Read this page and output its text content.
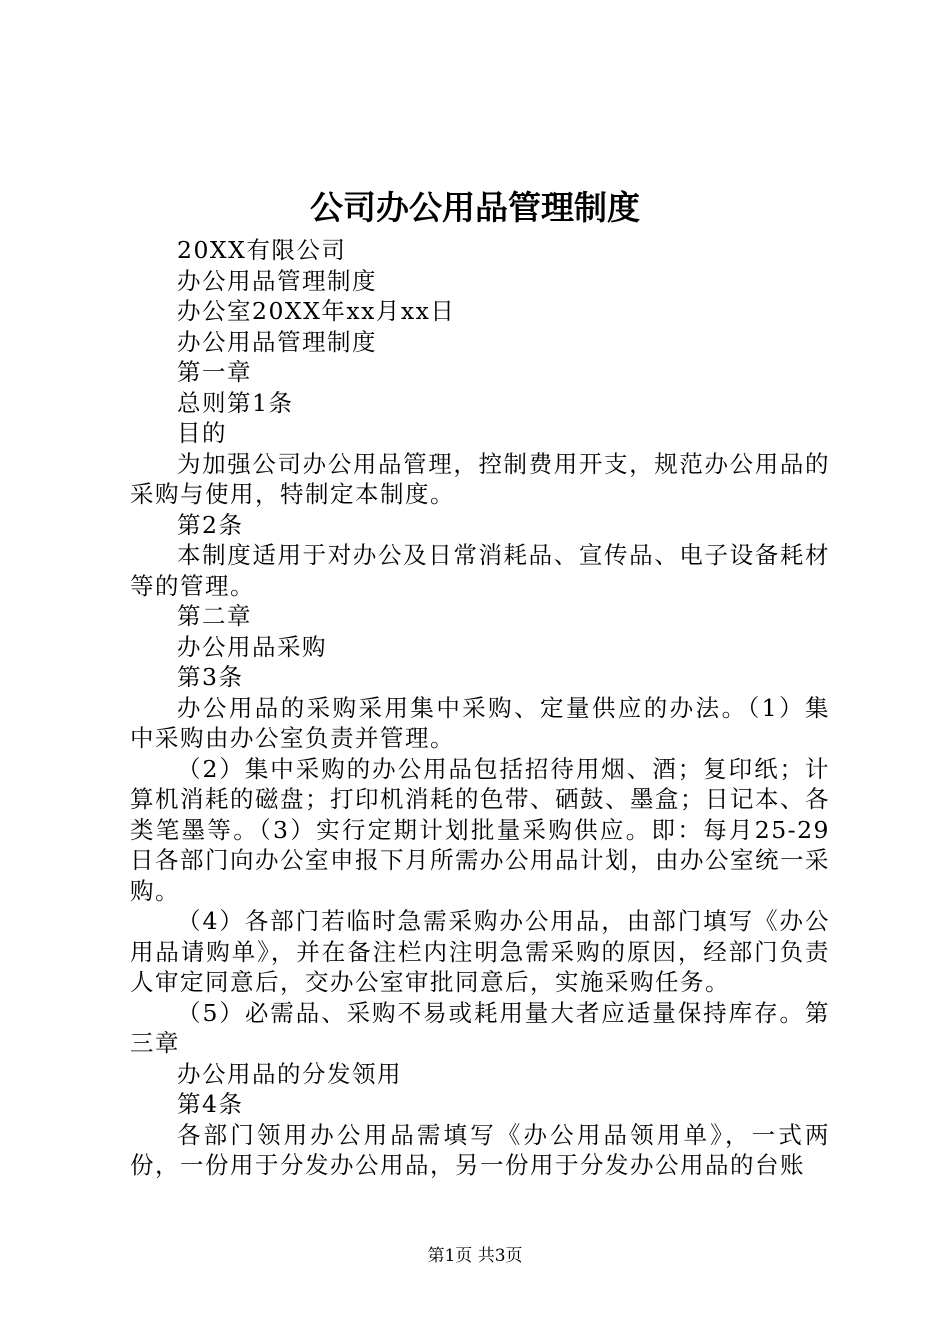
公司办公用品管理制度

20XX有限公司

办公用品管理制度

办公室20XX年xx月xx日

办公用品管理制度

第一章

总则第1条

目的

为加强公司办公用品管理，控制费用开支，规范办公用品的采购与使用，特制定本制度。

第2条

本制度适用于对办公及日常消耗品、宣传品、电子设备耗材等的管理。

第二章

办公用品采购

第3条

办公用品的采购采用集中采购、定量供应的办法。（1）集中采购由办公室负责并管理。

（2）集中采购的办公用品包括招待用烟、酒；复印纸；计算机消耗的磁盘；打印机消耗的色带、硒鼓、墨盒；日记本、各类笔墨等。（3）实行定期计划批量采购供应。即：每月25-29日各部门向办公室申报下月所需办公用品计划，由办公室统一采购。

（4）各部门若临时急需采购办公用品，由部门填写《办公用品请购单》，并在备注栏内注明急需采购的原因，经部门负责人审定同意后，交办公室审批同意后，实施采购任务。

（5）必需品、采购不易或耗用量大者应适量保持库存。第三章

办公用品的分发领用

第4条

各部门领用办公用品需填写《办公用品领用单》，一式两份，一份用于分发办公用品，另一份用于分发办公用品的台账

第1页 共3页
